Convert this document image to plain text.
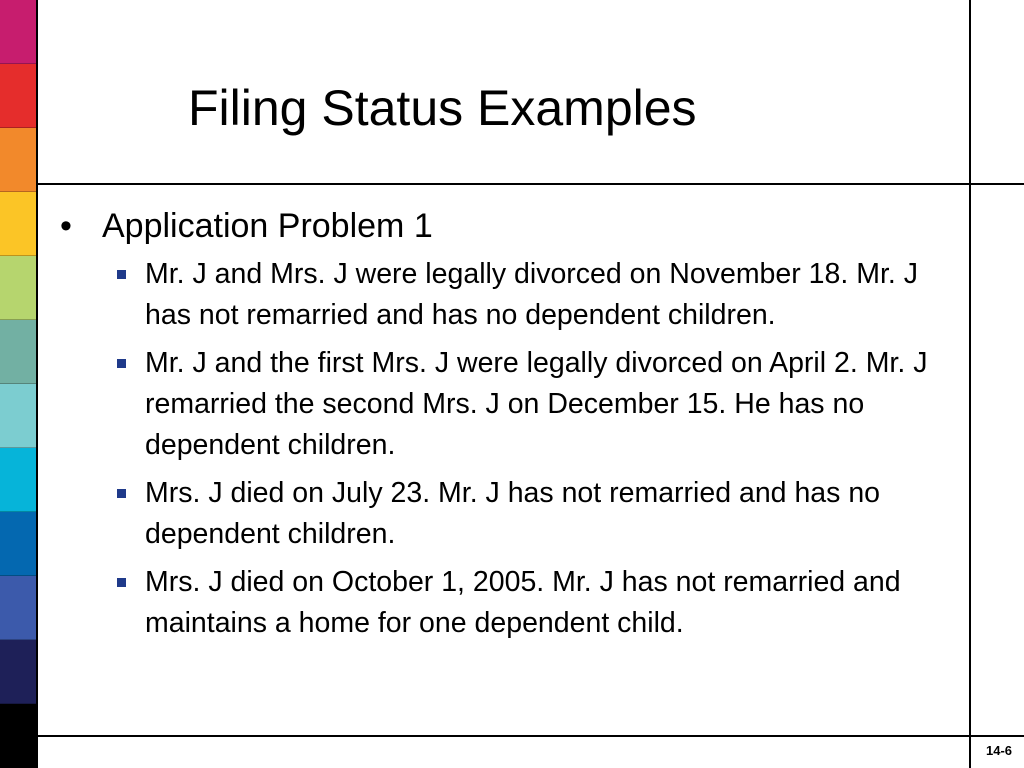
Filing Status Examples
• Application Problem 1
Mr. J and Mrs. J were legally divorced on November 18. Mr. J has not remarried and has no dependent children.
Mr. J and the first Mrs. J were legally divorced on April 2. Mr. J remarried the second Mrs. J on December 15. He has no dependent children.
Mrs. J died on July 23. Mr. J has not remarried and has no dependent children.
Mrs. J died on October 1, 2005. Mr. J has not remarried and maintains a home for one dependent child.
14-6
